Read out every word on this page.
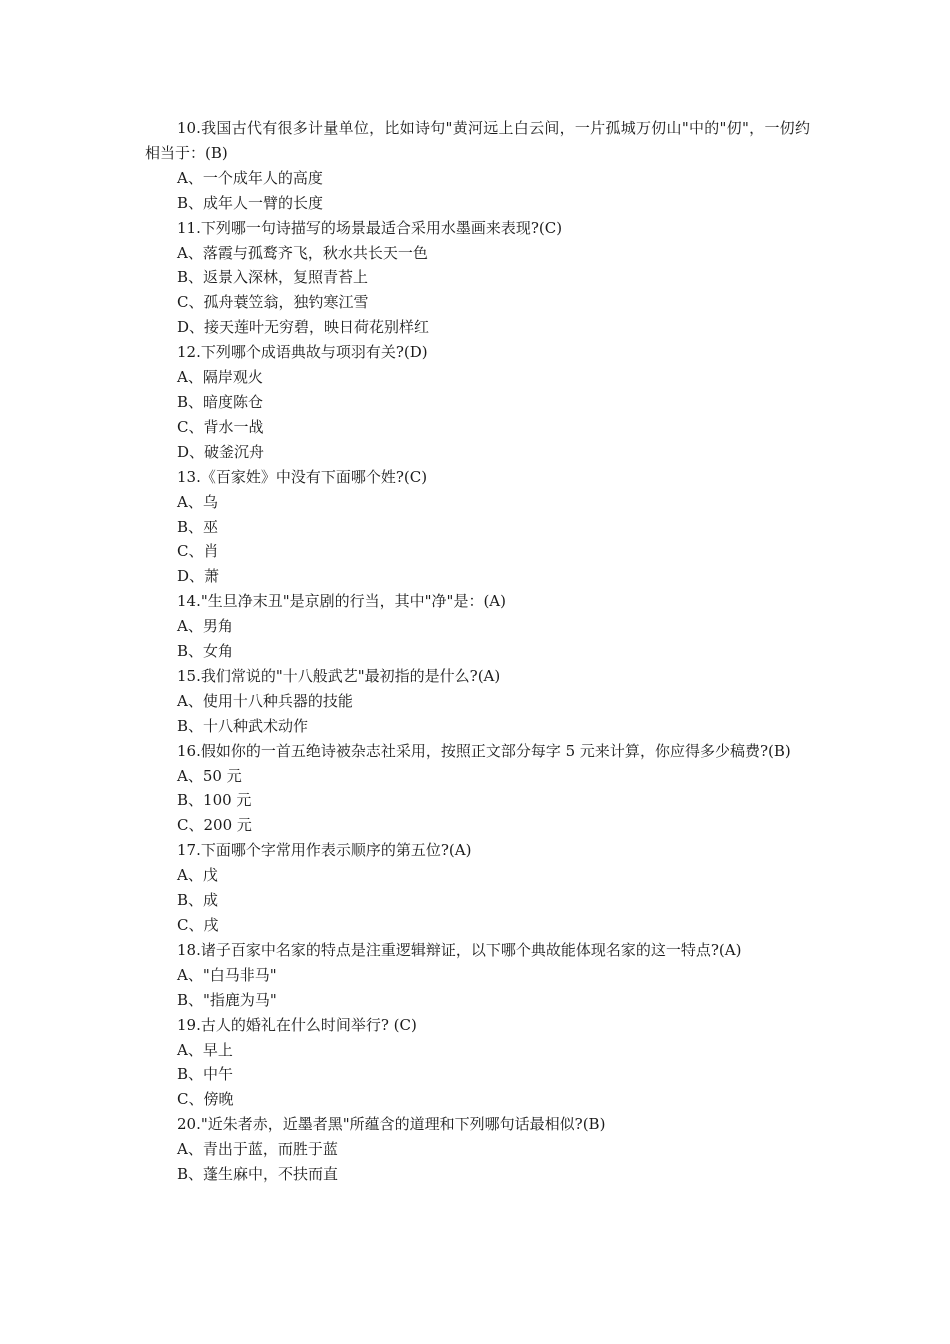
10.我国古代有很多计量单位，比如诗句"黄河远上白云间，一片孤城万仞山"中的"仞"，一仞约相当于：(B)

A、一个成年人的高度

B、成年人一臂的长度

11.下列哪一句诗描写的场景最适合采用水墨画来表现?(C)

A、落霞与孤鹜齐飞，秋水共长天一色

B、返景入深林，复照青苔上

C、孤舟蓑笠翁，独钓寒江雪

D、接天莲叶无穷碧，映日荷花别样红

12.下列哪个成语典故与项羽有关?(D)

A、隔岸观火

B、暗度陈仓

C、背水一战

D、破釜沉舟

13.《百家姓》中没有下面哪个姓?(C)

A、乌

B、巫

C、肖

D、萧

14."生旦净末丑"是京剧的行当，其中"净"是：(A)

A、男角

B、女角

15.我们常说的"十八般武艺"最初指的是什么?(A)

A、使用十八种兵器的技能

B、十八种武术动作

16.假如你的一首五绝诗被杂志社采用，按照正文部分每字 5 元来计算，你应得多少稿费?(B)

A、50 元

B、100 元

C、200 元

17.下面哪个字常用作表示顺序的第五位?(A)

A、戊

B、成

C、戌

18.诸子百家中名家的特点是注重逻辑辩证，以下哪个典故能体现名家的这一特点?(A)

A、"白马非马"

B、"指鹿为马"

19.古人的婚礼在什么时间举行? (C)

A、早上

B、中午

C、傍晚

20."近朱者赤，近墨者黑"所蕴含的道理和下列哪句话最相似?(B)

A、青出于蓝，而胜于蓝

B、蓬生麻中，不扶而直
